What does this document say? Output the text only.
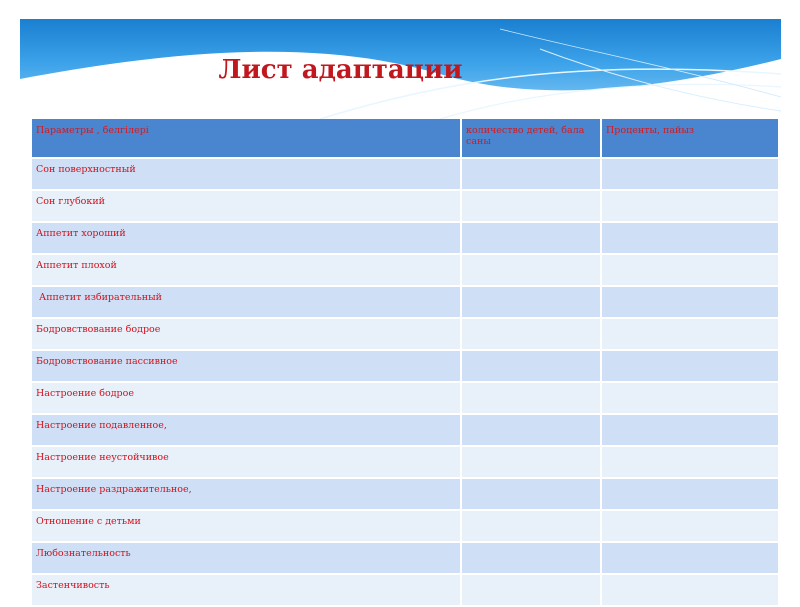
Лист адаптации
Параметры , белгілері	количество детей, бала саны	Проценты, пайыз
Сон поверхностный		
Сон глубокий		
Аппетит хороший		
Аппетит плохой		
Аппетит избирательный		
Бодровствование бодрое		
Бодровствование пассивное		
Настроение бодрое		
Настроение подавленное,		
Настроение неустойчивое		
Настроение раздражительное,		
Отношение с детьми		
Любознательность		
Застенчивость		
